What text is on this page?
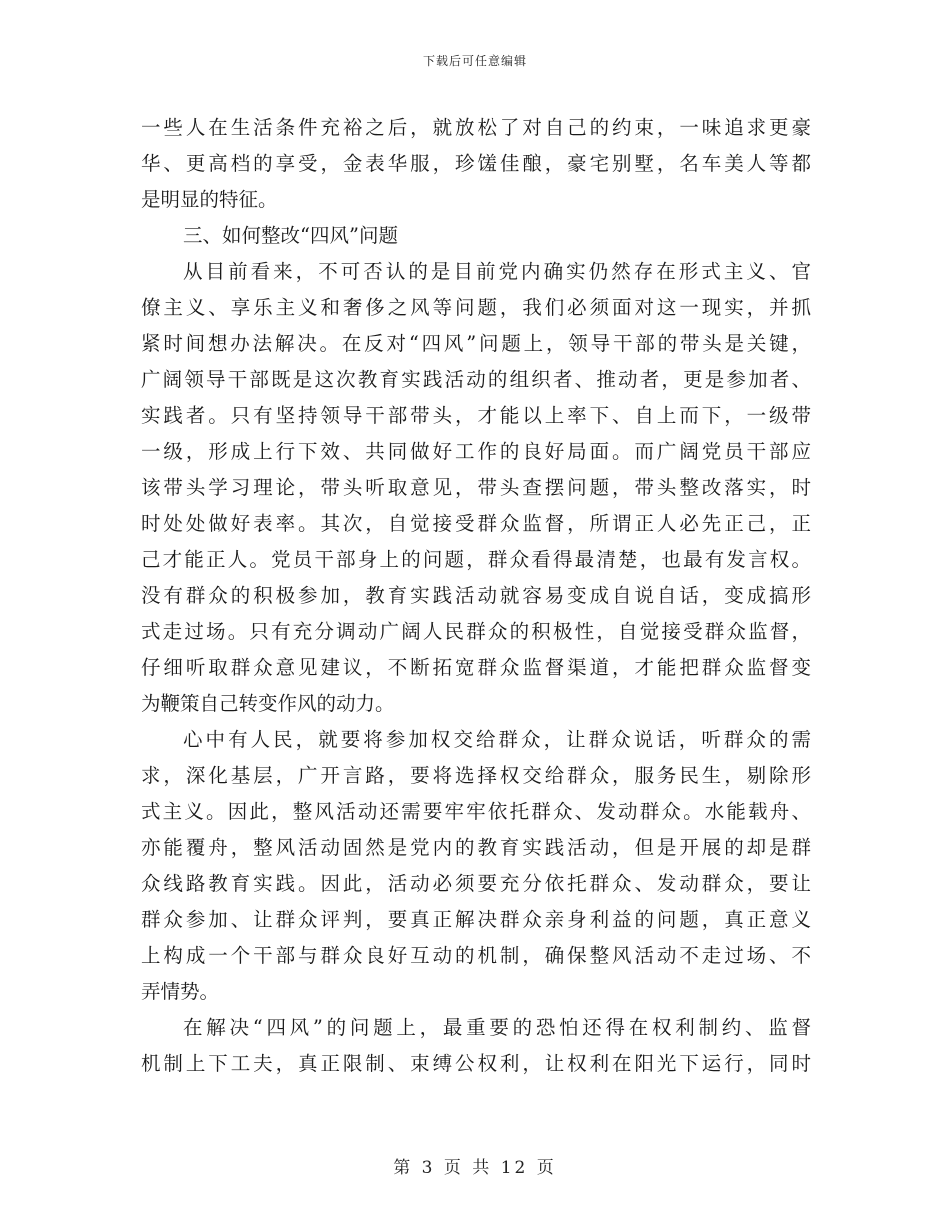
下载后可任意编辑
一些人在生活条件充裕之后，就放松了对自己的约束，一味追求更豪
华、更高档的享受，金表华服，珍馐佳酿，豪宅别墅，名车美人等都
是明显的特征。
三、如何整改“四风”问题
从目前看来，不可否认的是目前党内确实仍然存在形式主义、官
僚主义、享乐主义和奢侈之风等问题，我们必须面对这一现实，并抓
紧时间想办法解决。在反对“四风”问题上，领导干部的带头是关键，
广阔领导干部既是这次教育实践活动的组织者、推动者，更是参加者、
实践者。只有坚持领导干部带头，才能以上率下、自上而下，一级带
一级，形成上行下效、共同做好工作的良好局面。而广阔党员干部应
该带头学习理论，带头听取意见，带头查摆问题，带头整改落实，时
时处处做好表率。其次，自觉接受群众监督，所谓正人必先正己，正
己才能正人。党员干部身上的问题，群众看得最清楚，也最有发言权。
没有群众的积极参加，教育实践活动就容易变成自说自话，变成搞形
式走过场。只有充分调动广阔人民群众的积极性，自觉接受群众监督，
仔细听取群众意见建议，不断拓宽群众监督渠道，才能把群众监督变
为鞭策自己转变作风的动力。
心中有人民，就要将参加权交给群众，让群众说话，听群众的需
求，深化基层，广开言路，要将选择权交给群众，服务民生，剔除形
式主义。因此，整风活动还需要牢牢依托群众、发动群众。水能载舟、
亦能覆舟，整风活动固然是党内的教育实践活动，但是开展的却是群
众线路教育实践。因此，活动必须要充分依托群众、发动群众，要让
群众参加、让群众评判，要真正解决群众亲身利益的问题，真正意义
上构成一个干部与群众良好互动的机制，确保整风活动不走过场、不
弄情势。
在解决“四风”的问题上，最重要的恐怕还得在权利制约、监督
机制上下工夫，真正限制、束缚公权利，让权利在阳光下运行，同时
第 3 页 共 12 页
